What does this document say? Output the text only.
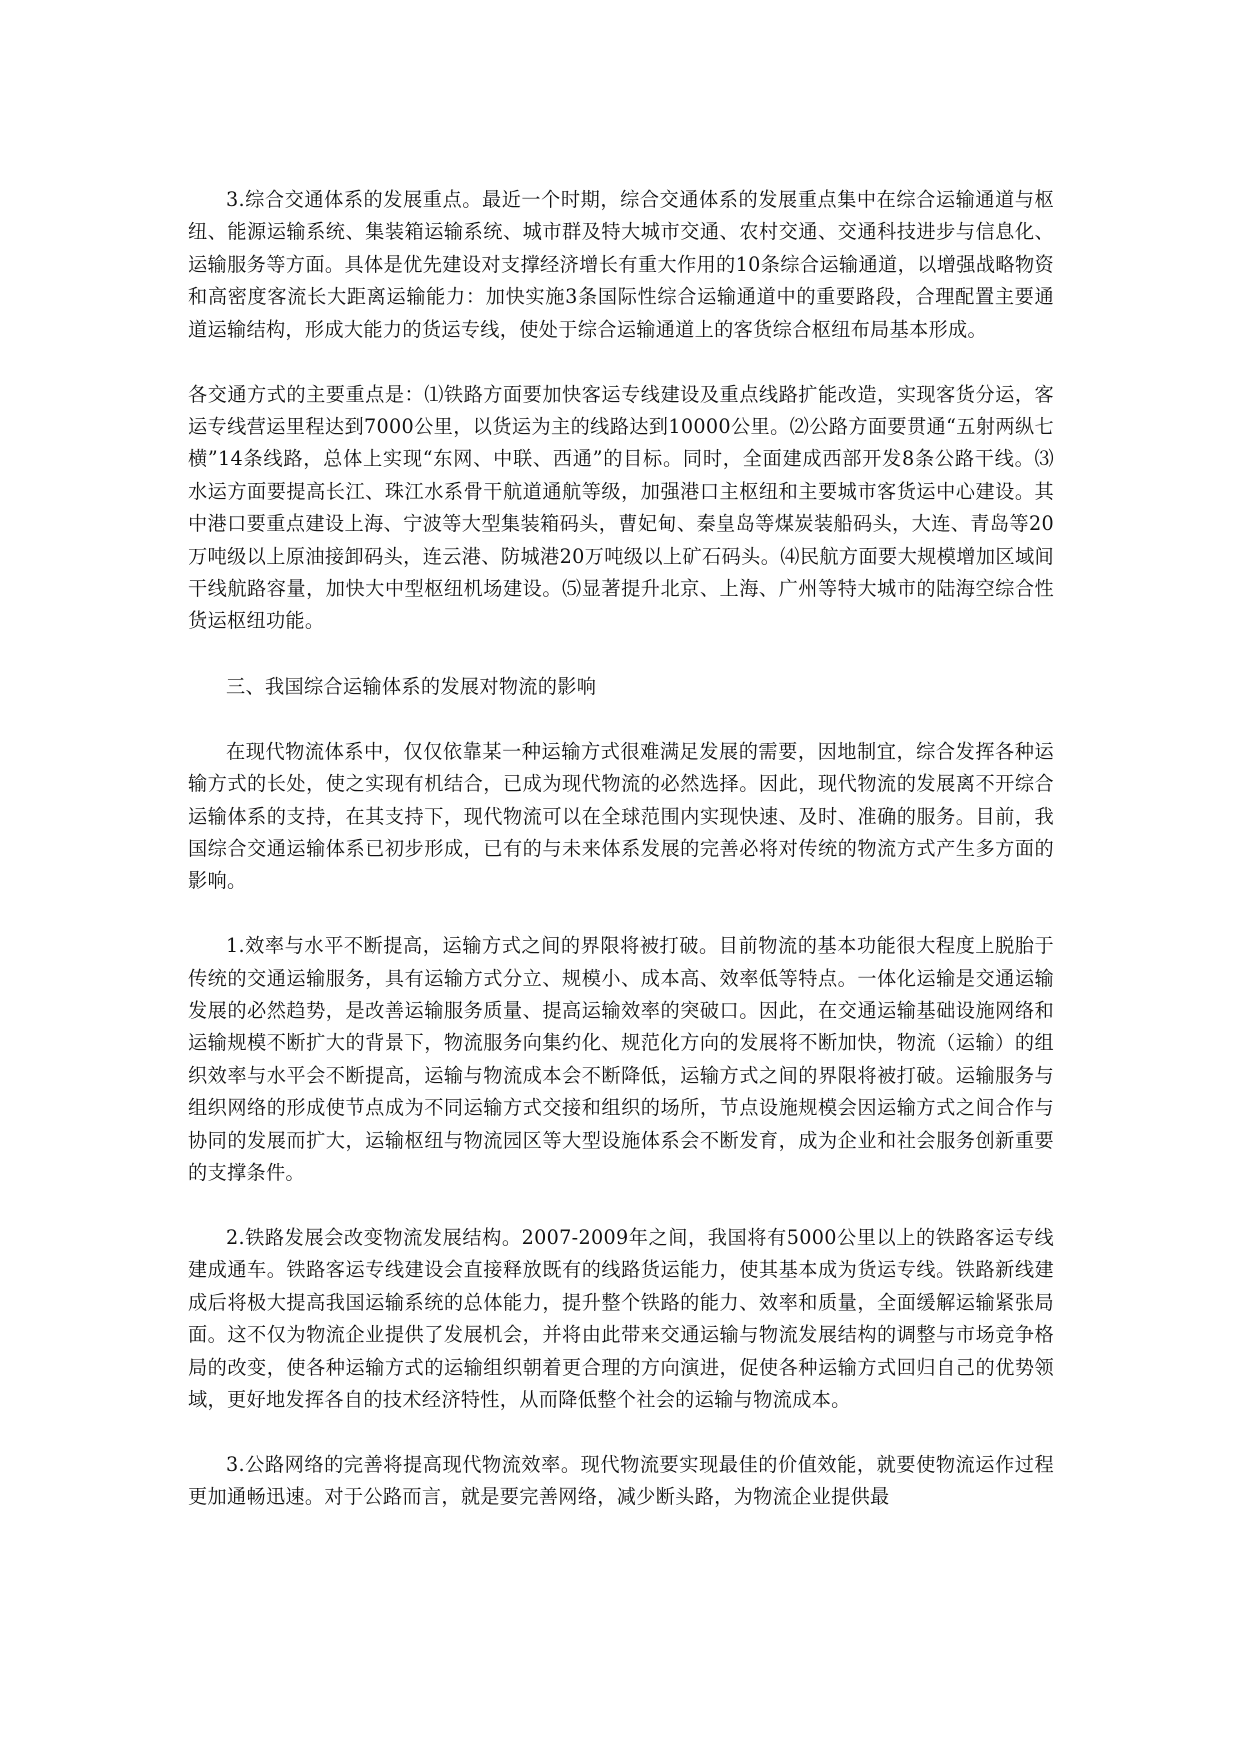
3.综合交通体系的发展重点。最近一个时期，综合交通体系的发展重点集中在综合运输通道与枢纽、能源运输系统、集装箱运输系统、城市群及特大城市交通、农村交通、交通科技进步与信息化、运输服务等方面。具体是优先建设对支撑经济增长有重大作用的10条综合运输通道，以增强战略物资和高密度客流长大距离运输能力：加快实施3条国际性综合运输通道中的重要路段，合理配置主要通道运输结构，形成大能力的货运专线，使处于综合运输通道上的客货综合枢纽布局基本形成。

各交通方式的主要重点是：⑴铁路方面要加快客运专线建设及重点线路扩能改造，实现客货分运，客运专线营运里程达到7000公里，以货运为主的线路达到10000公里。⑵公路方面要贯通“五射两纵七横”14条线路，总体上实现“东网、中联、西通”的目标。同时，全面建成西部开发8条公路干线。⑶水运方面要提高长江、珠江水系骨干航道通航等级，加强港口主枢纽和主要城市客货运中心建设。其中港口要重点建设上海、宁波等大型集装箱码头，曹妃甸、秦皇岛等煤炭装船码头，大连、青岛等20万吨级以上原油接卸码头，连云港、防城港20万吨级以上矿石码头。⑷民航方面要大规模增加区域间干线航路容量，加快大中型枢纽机场建设。⑸显著提升北京、上海、广州等特大城市的陆海空综合性货运枢纽功能。

三、我国综合运输体系的发展对物流的影响

在现代物流体系中，仅仅依靠某一种运输方式很难满足发展的需要，因地制宜，综合发挥各种运输方式的长处，使之实现有机结合，已成为现代物流的必然选择。因此，现代物流的发展离不开综合运输体系的支持，在其支持下，现代物流可以在全球范围内实现快速、及时、准确的服务。目前，我国综合交通运输体系已初步形成，已有的与未来体系发展的完善必将对传统的物流方式产生多方面的影响。

1.效率与水平不断提高，运输方式之间的界限将被打破。目前物流的基本功能很大程度上脱胎于传统的交通运输服务，具有运输方式分立、规模小、成本高、效率低等特点。一体化运输是交通运输发展的必然趋势，是改善运输服务质量、提高运输效率的突破口。因此，在交通运输基础设施网络和运输规模不断扩大的背景下，物流服务向集约化、规范化方向的发展将不断加快，物流（运输）的组织效率与水平会不断提高，运输与物流成本会不断降低，运输方式之间的界限将被打破。运输服务与组织网络的形成使节点成为不同运输方式交接和组织的场所，节点设施规模会因运输方式之间合作与协同的发展而扩大，运输枢纽与物流园区等大型设施体系会不断发育，成为企业和社会服务创新重要的支撑条件。

2.铁路发展会改变物流发展结构。2007-2009年之间，我国将有5000公里以上的铁路客运专线建成通车。铁路客运专线建设会直接释放既有的线路货运能力，使其基本成为货运专线。铁路新线建成后将极大提高我国运输系统的总体能力，提升整个铁路的能力、效率和质量，全面缓解运输紧张局面。这不仅为物流企业提供了发展机会，并将由此带来交通运输与物流发展结构的调整与市场竞争格局的改变，使各种运输方式的运输组织朝着更合理的方向演进，促使各种运输方式回归自己的优势领域，更好地发挥各自的技术经济特性，从而降低整个社会的运输与物流成本。

3.公路网络的完善将提高现代物流效率。现代物流要实现最佳的价值效能，就要使物流运作过程更加通畅迅速。对于公路而言，就是要完善网络，减少断头路，为物流企业提供最
